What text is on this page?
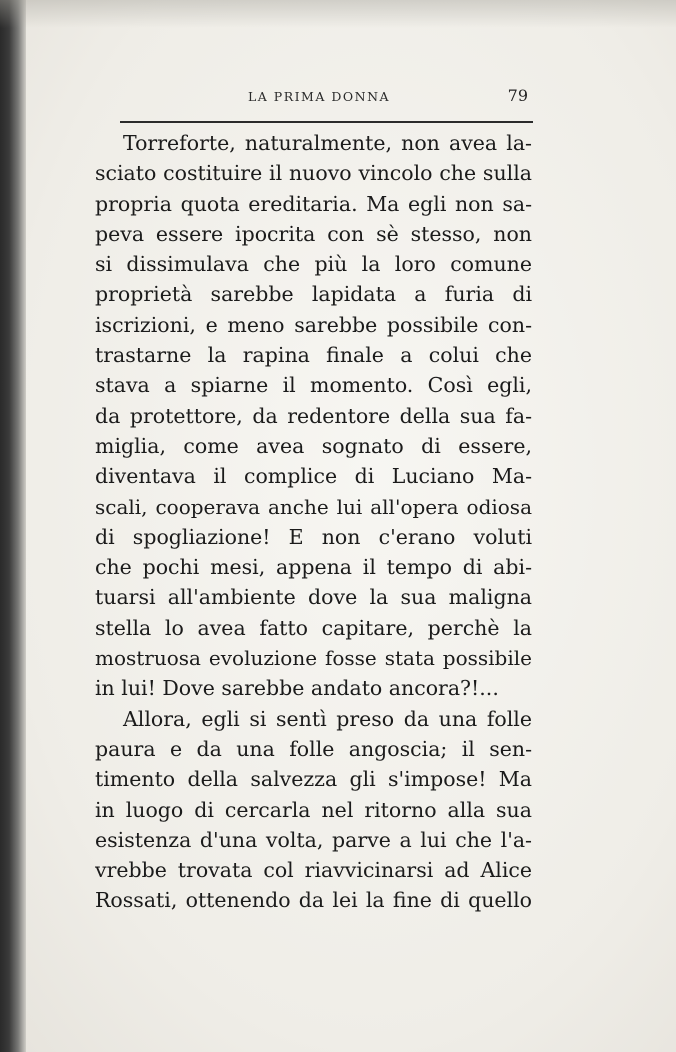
LA PRIMA DONNA	79
Torreforte, naturalmente, non avea la-
sciato costituire il nuovo vincolo che sulla
propria quota ereditaria. Ma egli non sa-
peva essere ipocrita con sè stesso, non
si dissimulava che più la loro comune
proprietà sarebbe lapidata a furia di
iscrizioni, e meno sarebbe possibile con-
trastarne la rapina finale a colui che
stava a spiarne il momento. Così egli,
da protettore, da redentore della sua fa-
miglia, come avea sognato di essere,
diventava il complice di Luciano Ma-
scali, cooperava anche lui all'opera odiosa
di spogliazione! E non c'erano voluti
che pochi mesi, appena il tempo di abi-
tuarsi all'ambiente dove la sua maligna
stella lo avea fatto capitare, perchè la
mostruosa evoluzione fosse stata possibile
in lui! Dove sarebbe andato ancora?!...
Allora, egli si sentì preso da una folle
paura e da una folle angoscia; il sen-
timento della salvezza gli s'impose! Ma
in luogo di cercarla nel ritorno alla sua
esistenza d'una volta, parve a lui che l'a-
vrebbe trovata col riavvicinarsi ad Alice
Rossati, ottenendo da lei la fine di quello
